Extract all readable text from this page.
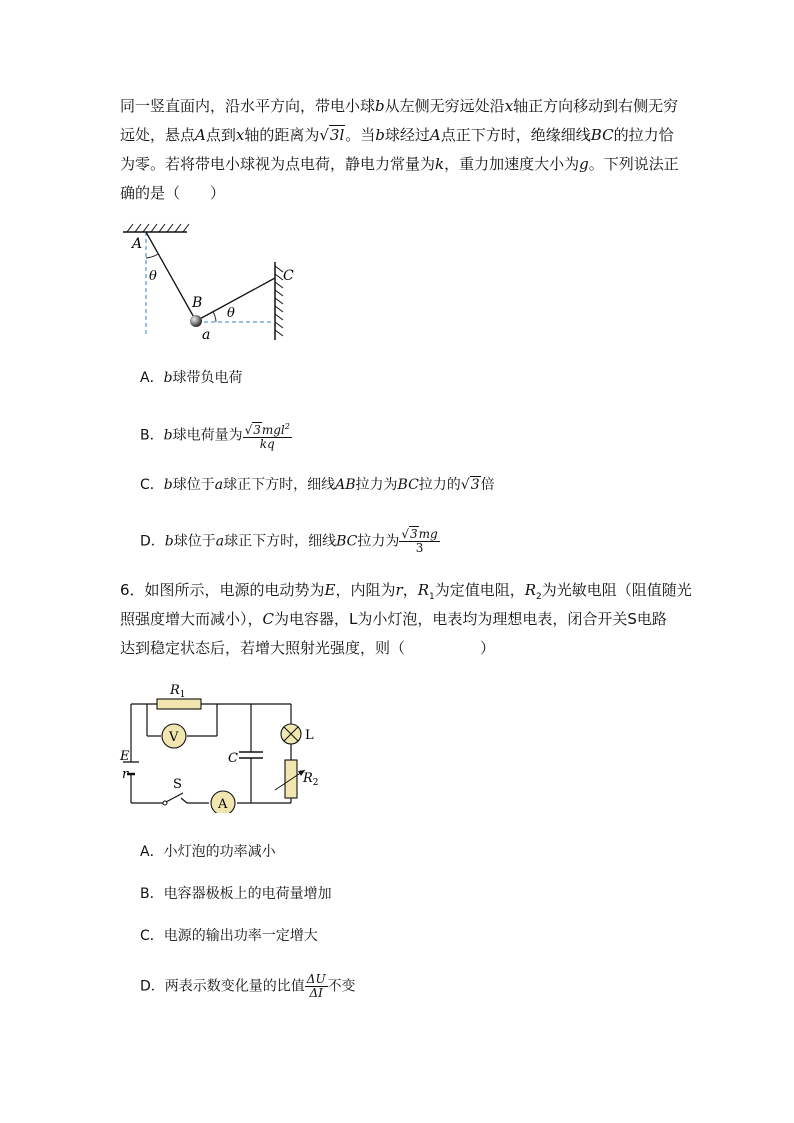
同一竖直面内，沿水平方向，带电小球b从左侧无穷远处沿x轴正方向移动到右侧无穷
远处，悬点A点到x轴的距离为√3l。当b球经过A点正下方时，绝缘细线BC的拉力恰
为零。若将带电小球视为点电荷，静电力常量为k，重力加速度大小为g。下列说法正
确的是（　　）
A
θ
B
θ
a
C
A．b球带负电荷
B．b球电荷量为 $\frac{√3mgl^2}{kq}$
C．b球位于a球正下方时，细线AB拉力为BC拉力的√3倍
D．b球位于a球正下方时，细线BC拉力为 $\frac{√3mg}{3}$
6．如图所示，电源的电动势为E，内阻为r，$R_1$为定值电阻，$R_2$为光敏电阻（阻值随光
照强度增大而减小），C为电容器，L为小灯泡，电表均为理想电表，闭合开关S电路
达到稳定状态后，若增大照射光强度，则（　　　　　）
V
A
$R_1$
C
L
E
r
S	$R_2$
A．小灯泡的功率减小
B．电容器极板上的电荷量增加
C．电源的输出功率一定增大
D．两表示数变化量的比值 $\frac{\Delta U}{\Delta I}$ 不变
